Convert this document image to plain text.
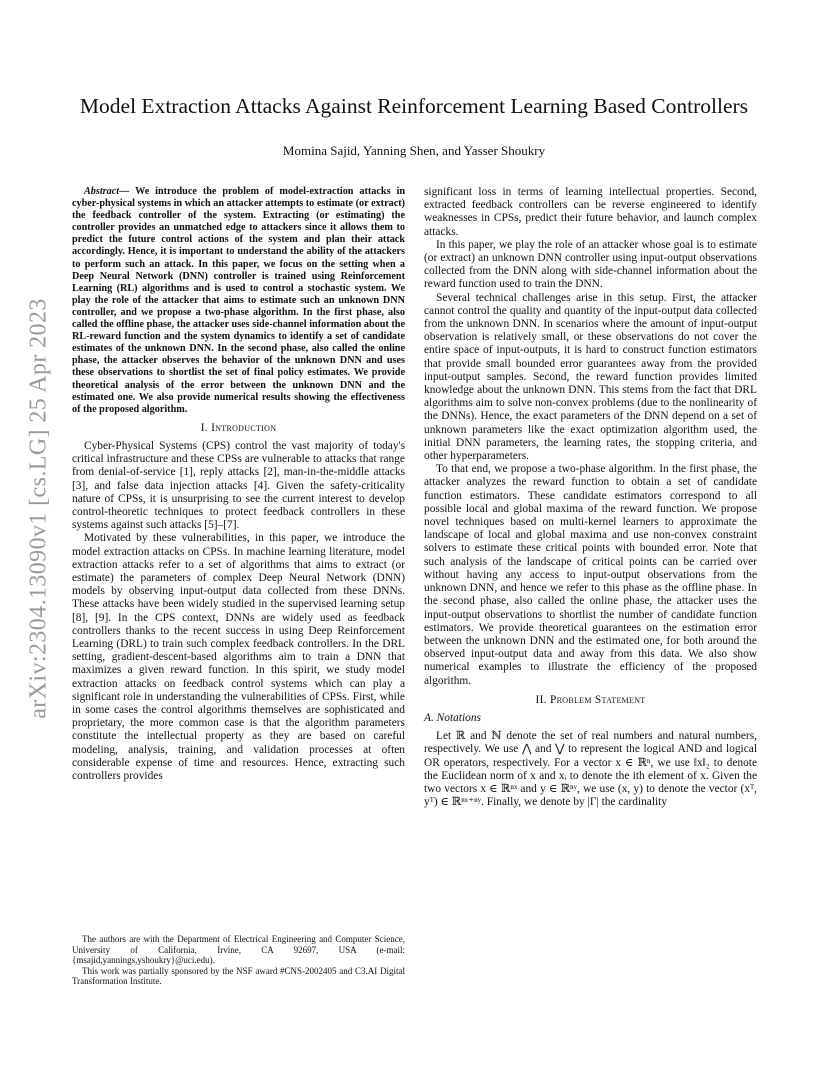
arXiv:2304.13090v1 [cs.LG] 25 Apr 2023
Model Extraction Attacks Against Reinforcement Learning Based Controllers

Momina Sajid, Yanning Shen, and Yasser Shoukry

Abstract— We introduce the problem of model-extraction attacks in cyber-physical systems in which an attacker attempts to estimate (or extract) the feedback controller of the system. Extracting (or estimating) the controller provides an unmatched edge to attackers since it allows them to predict the future control actions of the system and plan their attack accordingly. Hence, it is important to understand the ability of the attackers to perform such an attack. In this paper, we focus on the setting when a Deep Neural Network (DNN) controller is trained using Reinforcement Learning (RL) algorithms and is used to control a stochastic system. We play the role of the attacker that aims to estimate such an unknown DNN controller, and we propose a two-phase algorithm. In the first phase, also called the offline phase, the attacker uses side-channel information about the RL-reward function and the system dynamics to identify a set of candidate estimates of the unknown DNN. In the second phase, also called the online phase, the attacker observes the behavior of the unknown DNN and uses these observations to shortlist the set of final policy estimates. We provide theoretical analysis of the error between the unknown DNN and the estimated one. We also provide numerical results showing the effectiveness of the proposed algorithm.

I. Introduction

Cyber-Physical Systems (CPS) control the vast majority of today's critical infrastructure and these CPSs are vulnerable to attacks that range from denial-of-service [1], reply attacks [2], man-in-the-middle attacks [3], and false data injection attacks [4]. Given the safety-criticality nature of CPSs, it is unsurprising to see the current interest to develop control-theoretic techniques to protect feedback controllers in these systems against such attacks [5]–[7].

Motivated by these vulnerabilities, in this paper, we introduce the model extraction attacks on CPSs. In machine learning literature, model extraction attacks refer to a set of algorithms that aims to extract (or estimate) the parameters of complex Deep Neural Network (DNN) models by observing input-output data collected from these DNNs. These attacks have been widely studied in the supervised learning setup [8], [9]. In the CPS context, DNNs are widely used as feedback controllers thanks to the recent success in using Deep Reinforcement Learning (DRL) to train such complex feedback controllers. In the DRL setting, gradient-descent-based algorithms aim to train a DNN that maximizes a given reward function. In this spirit, we study model extraction attacks on feedback control systems which can play a significant role in understanding the vulnerabilities of CPSs. First, while in some cases the control algorithms themselves are sophisticated and proprietary, the more common case is that the algorithm parameters constitute the intellectual property as they are based on careful modeling, analysis, training, and validation processes at often considerable expense of time and resources. Hence, extracting such controllers provides

The authors are with the Department of Electrical Engineering and Computer Science, University of California, Irvine, CA 92697, USA (e-mail: {msajid,yannings,yshoukry}@uci.edu).

This work was partially sponsored by the NSF award #CNS-2002405 and C3.AI Digital Transformation Institute.

significant loss in terms of learning intellectual properties. Second, extracted feedback controllers can be reverse engineered to identify weaknesses in CPSs, predict their future behavior, and launch complex attacks.

In this paper, we play the role of an attacker whose goal is to estimate (or extract) an unknown DNN controller using input-output observations collected from the DNN along with side-channel information about the reward function used to train the DNN.

Several technical challenges arise in this setup. First, the attacker cannot control the quality and quantity of the input-output data collected from the unknown DNN. In scenarios where the amount of input-output observation is relatively small, or these observations do not cover the entire space of input-outputs, it is hard to construct function estimators that provide small bounded error guarantees away from the provided input-output samples. Second, the reward function provides limited knowledge about the unknown DNN. This stems from the fact that DRL algorithms aim to solve non-convex problems (due to the nonlinearity of the DNNs). Hence, the exact parameters of the DNN depend on a set of unknown parameters like the exact optimization algorithm used, the initial DNN parameters, the learning rates, the stopping criteria, and other hyperparameters.

To that end, we propose a two-phase algorithm. In the first phase, the attacker analyzes the reward function to obtain a set of candidate function estimators. These candidate estimators correspond to all possible local and global maxima of the reward function. We propose novel techniques based on multi-kernel learners to approximate the landscape of local and global maxima and use non-convex constraint solvers to estimate these critical points with bounded error. Note that such analysis of the landscape of critical points can be carried over without having any access to input-output observations from the unknown DNN, and hence we refer to this phase as the offline phase. In the second phase, also called the online phase, the attacker uses the input-output observations to shortlist the number of candidate function estimators. We provide theoretical guarantees on the estimation error between the unknown DNN and the estimated one, for both around the observed input-output data and away from this data. We also show numerical examples to illustrate the efficiency of the proposed algorithm.

II. Problem Statement
A. Notations

Let ℝ and ℕ denote the set of real numbers and natural numbers, respectively. We use ⋀ and ⋁ to represent the logical AND and logical OR operators, respectively. For a vector x ∈ ℝⁿ, we use ‖x‖₂ to denote the Euclidean norm of x and xᵢ to denote the ith element of x. Given the two vectors x ∈ ℝⁿˣ and y ∈ ℝⁿʸ, we use (x, y) to denote the vector (xᵀ, yᵀ) ∈ ℝⁿˣ⁺ⁿʸ. Finally, we denote by |Γ| the cardinality
